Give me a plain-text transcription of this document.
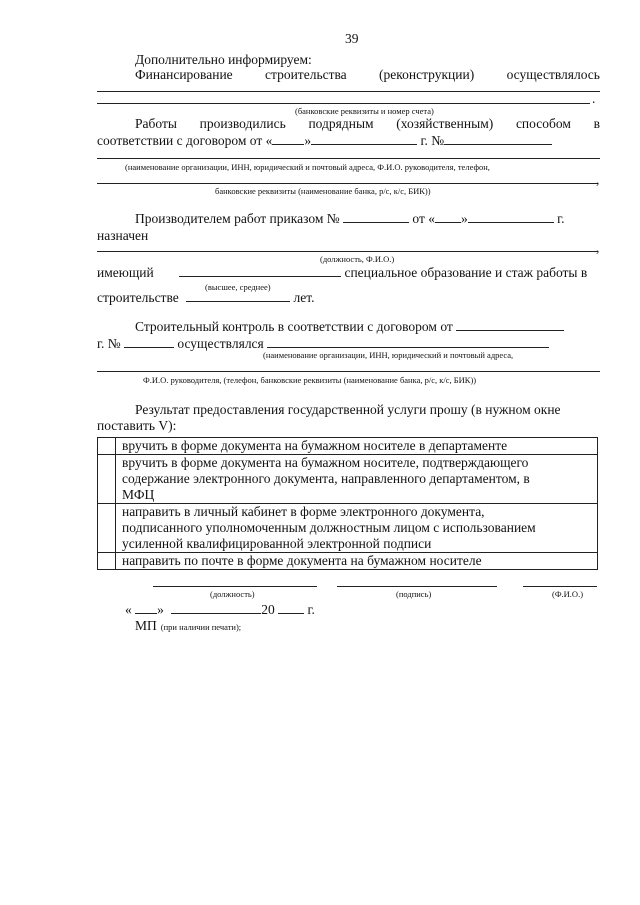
39
Дополнительно информируем:
Финансирование строительства (реконструкции) осуществлялось
.
(банковские реквизиты и номер счета)
Работы производились подрядным (хозяйственным) способом в
соответствии с договором от « »	г. №
(наименование организации, ИНН, юридический и почтовый адреса, Ф.И.О. руководителя, телефон,
,
банковские реквизиты (наименование банка, р/с, к/с, БИК))
Производителем работ приказом №	от « »	г.
назначен
,
(должность, Ф.И.О.)
имеющий	специальное образование и стаж работы в
(высшее, среднее)
строительстве	лет.
Строительный контроль в соответствии с договором от
г. №	осуществлялся
(наименование организации, ИНН, юридический и почтовый адреса,
Ф.И.О. руководителя, (телефон, банковские реквизиты (наименование банка, р/с, к/с, БИК))
Результат предоставления государственной услуги прошу (в нужном окне
поставить V):
	вручить в форме документа на бумажном носителе в департаменте

	вручить в форме документа на бумажном носителе, подтверждающего
содержание электронного документа, направленного департаментом, в
МФЦ

	направить в личный кабинет в форме электронного документа,
подписанного уполномоченным должностным лицом с использованием
усиленной квалифицированной электронной подписи

	направить по почте в форме документа на бумажном носителе
(должность)	(подпись)	(Ф.И.О.)
« »	20 г.
МП (при наличии печати);
